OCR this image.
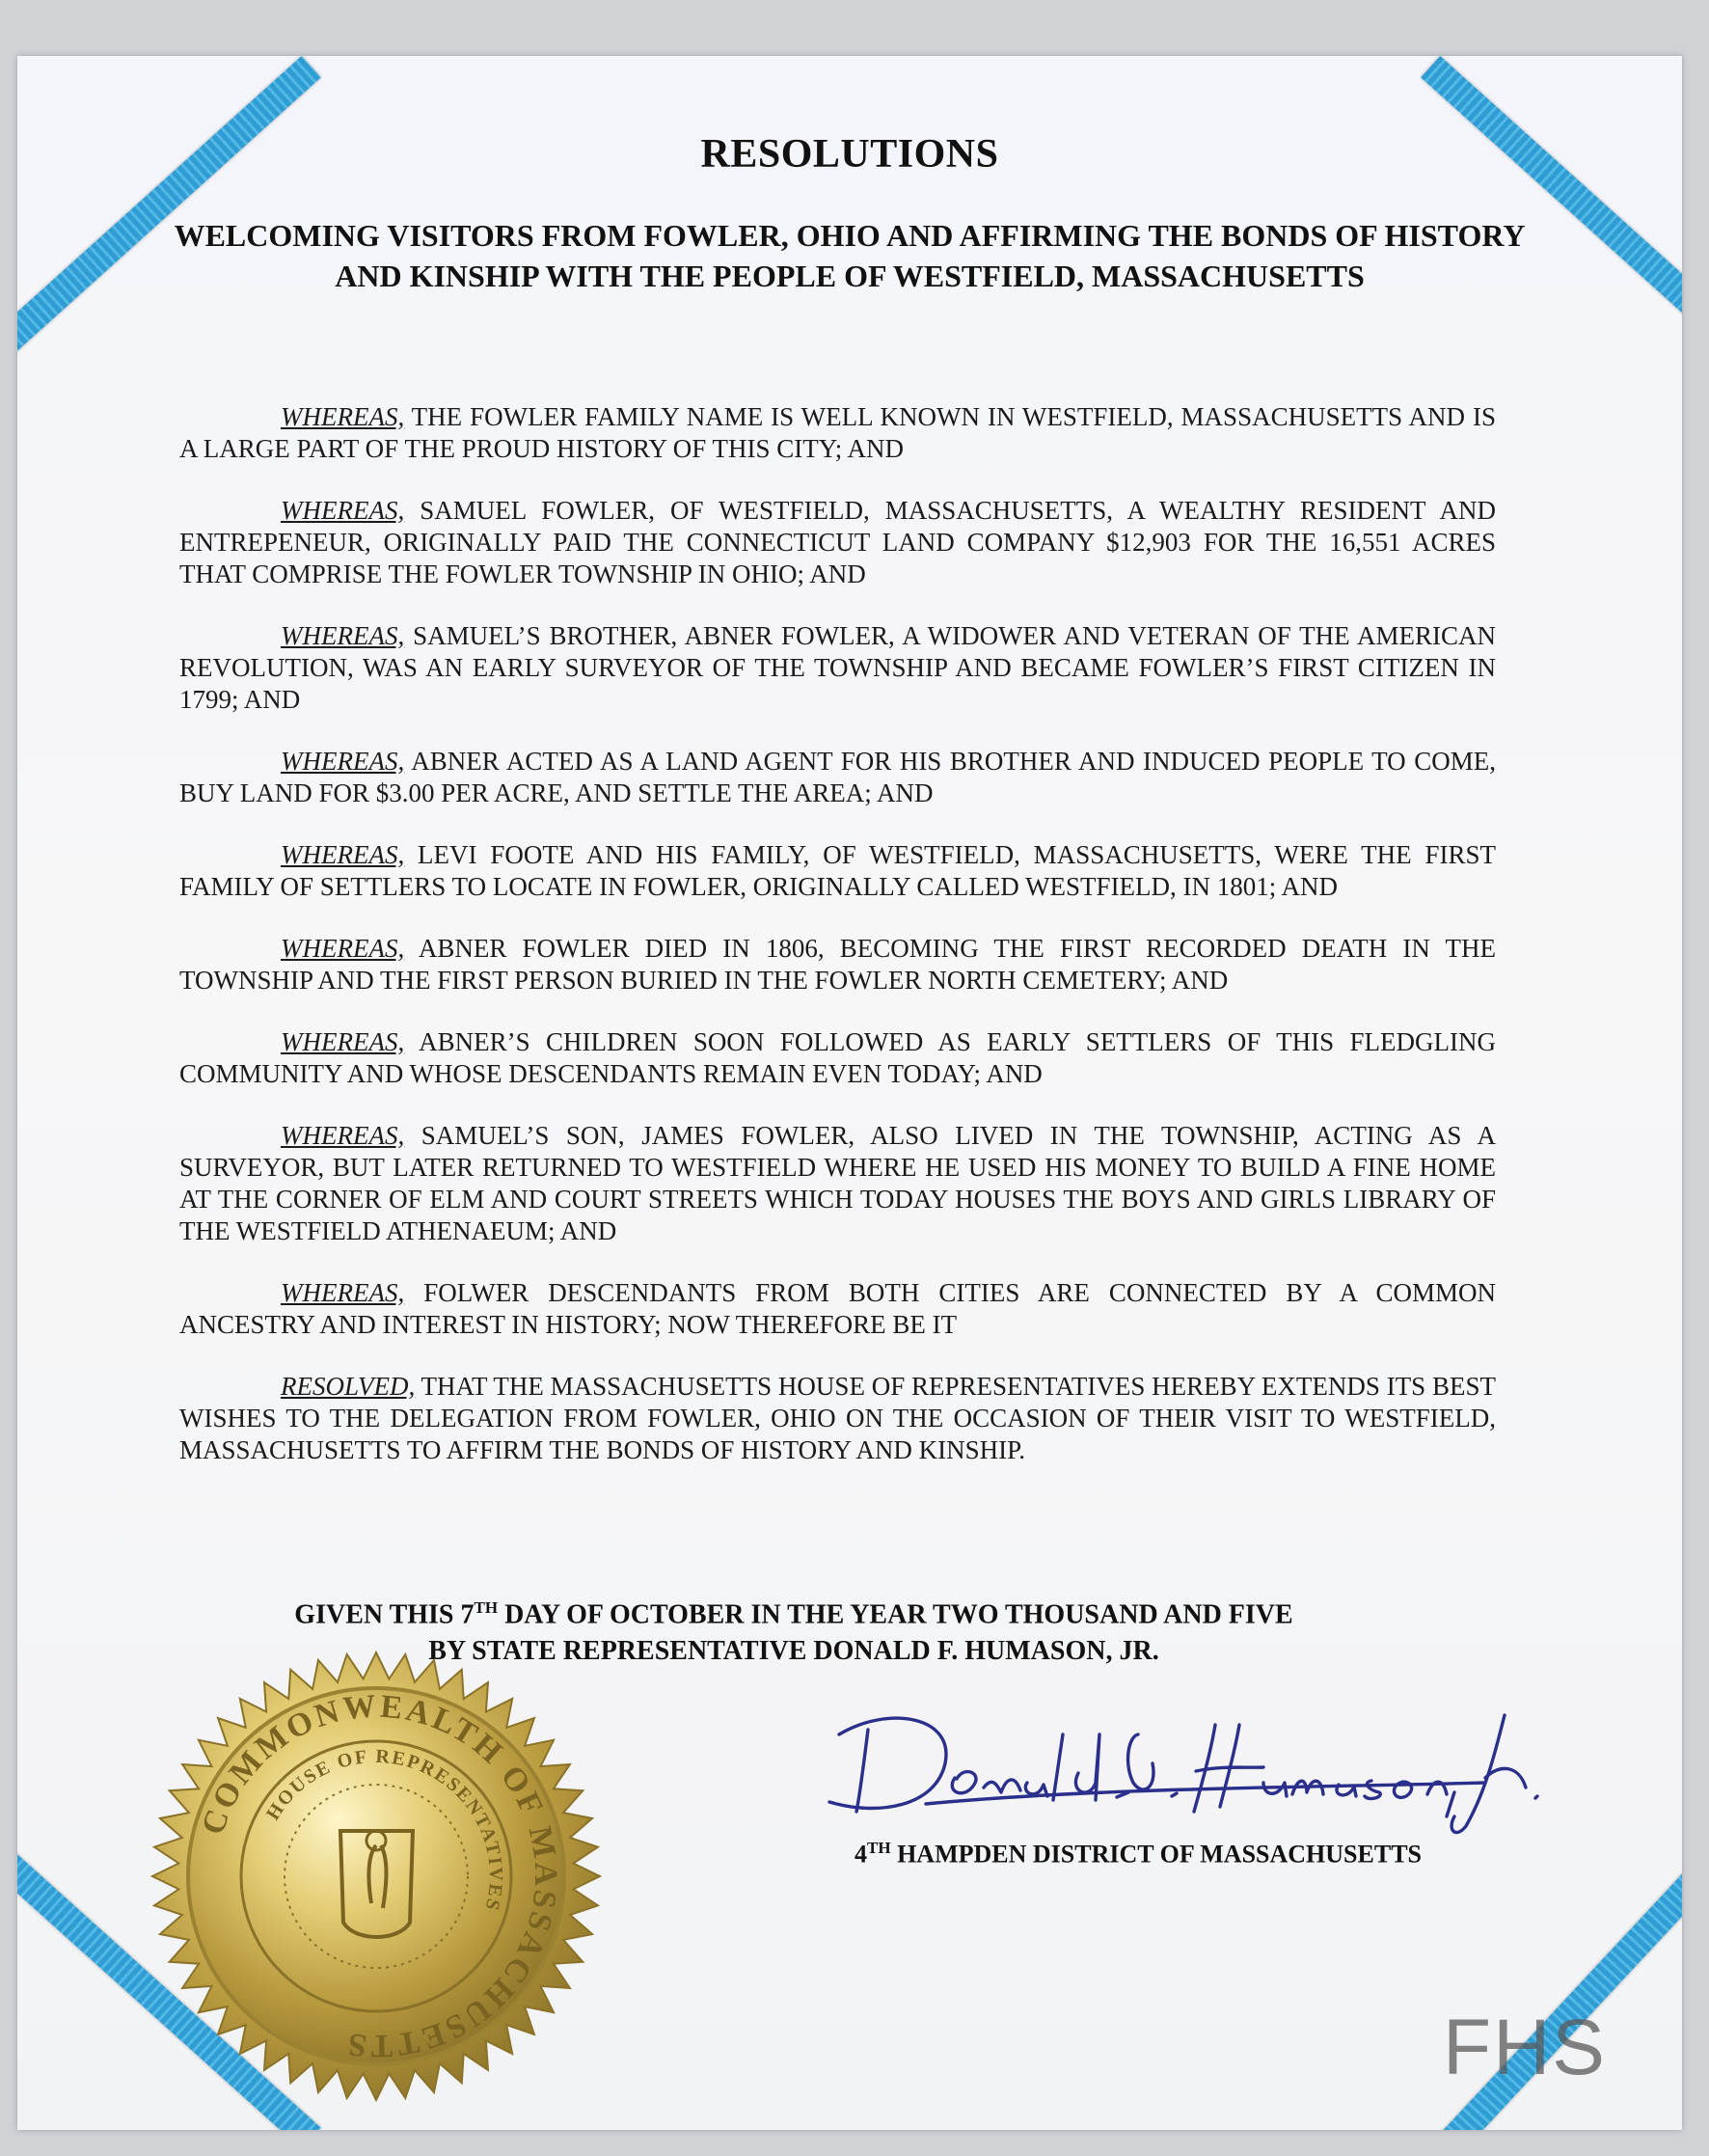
RESOLUTIONS
WELCOMING VISITORS FROM FOWLER, OHIO AND AFFIRMING THE BONDS OF HISTORY AND KINSHIP WITH THE PEOPLE OF WESTFIELD, MASSACHUSETTS

WHEREAS, THE FOWLER FAMILY NAME IS WELL KNOWN IN WESTFIELD, MASSACHUSETTS AND IS A LARGE PART OF THE PROUD HISTORY OF THIS CITY; AND

WHEREAS, SAMUEL FOWLER, OF WESTFIELD, MASSACHUSETTS, A WEALTHY RESIDENT AND ENTREPENEUR, ORIGINALLY PAID THE CONNECTICUT LAND COMPANY $12,903 FOR THE 16,551 ACRES THAT COMPRISE THE FOWLER TOWNSHIP IN OHIO; AND

WHEREAS, SAMUEL’S BROTHER, ABNER FOWLER, A WIDOWER AND VETERAN OF THE AMERICAN REVOLUTION, WAS AN EARLY SURVEYOR OF THE TOWNSHIP AND BECAME FOWLER’S FIRST CITIZEN IN 1799; AND

WHEREAS, ABNER ACTED AS A LAND AGENT FOR HIS BROTHER AND INDUCED PEOPLE TO COME, BUY LAND FOR $3.00 PER ACRE, AND SETTLE THE AREA; AND

WHEREAS, LEVI FOOTE AND HIS FAMILY, OF WESTFIELD, MASSACHUSETTS, WERE THE FIRST FAMILY OF SETTLERS TO LOCATE IN FOWLER, ORIGINALLY CALLED WESTFIELD, IN 1801; AND

WHEREAS, ABNER FOWLER DIED IN 1806, BECOMING THE FIRST RECORDED DEATH IN THE TOWNSHIP AND THE FIRST PERSON BURIED IN THE FOWLER NORTH CEMETERY; AND

WHEREAS, ABNER’S CHILDREN SOON FOLLOWED AS EARLY SETTLERS OF THIS FLEDGLING COMMUNITY AND WHOSE DESCENDANTS REMAIN EVEN TODAY; AND

WHEREAS, SAMUEL’S SON, JAMES FOWLER, ALSO LIVED IN THE TOWNSHIP, ACTING AS A SURVEYOR, BUT LATER RETURNED TO WESTFIELD WHERE HE USED HIS MONEY TO BUILD A FINE HOME AT THE CORNER OF ELM AND COURT STREETS WHICH TODAY HOUSES THE BOYS AND GIRLS LIBRARY OF THE WESTFIELD ATHENAEUM; AND

WHEREAS, FOLWER DESCENDANTS FROM BOTH CITIES ARE CONNECTED BY A COMMON ANCESTRY AND INTEREST IN HISTORY; NOW THEREFORE BE IT

RESOLVED, THAT THE MASSACHUSETTS HOUSE OF REPRESENTATIVES HEREBY EXTENDS ITS BEST WISHES TO THE DELEGATION FROM FOWLER, OHIO ON THE OCCASION OF THEIR VISIT TO WESTFIELD, MASSACHUSETTS TO AFFIRM THE BONDS OF HISTORY AND KINSHIP.

GIVEN THIS 7TH DAY OF OCTOBER IN THE YEAR TWO THOUSAND AND FIVE
BY STATE REPRESENTATIVE DONALD F. HUMASON, JR.
4TH HAMPDEN DISTRICT OF MASSACHUSETTS
COMMONWEALTH OF MASSACHUSETTS
HOUSE OF REPRESENTATIVES
FHS
